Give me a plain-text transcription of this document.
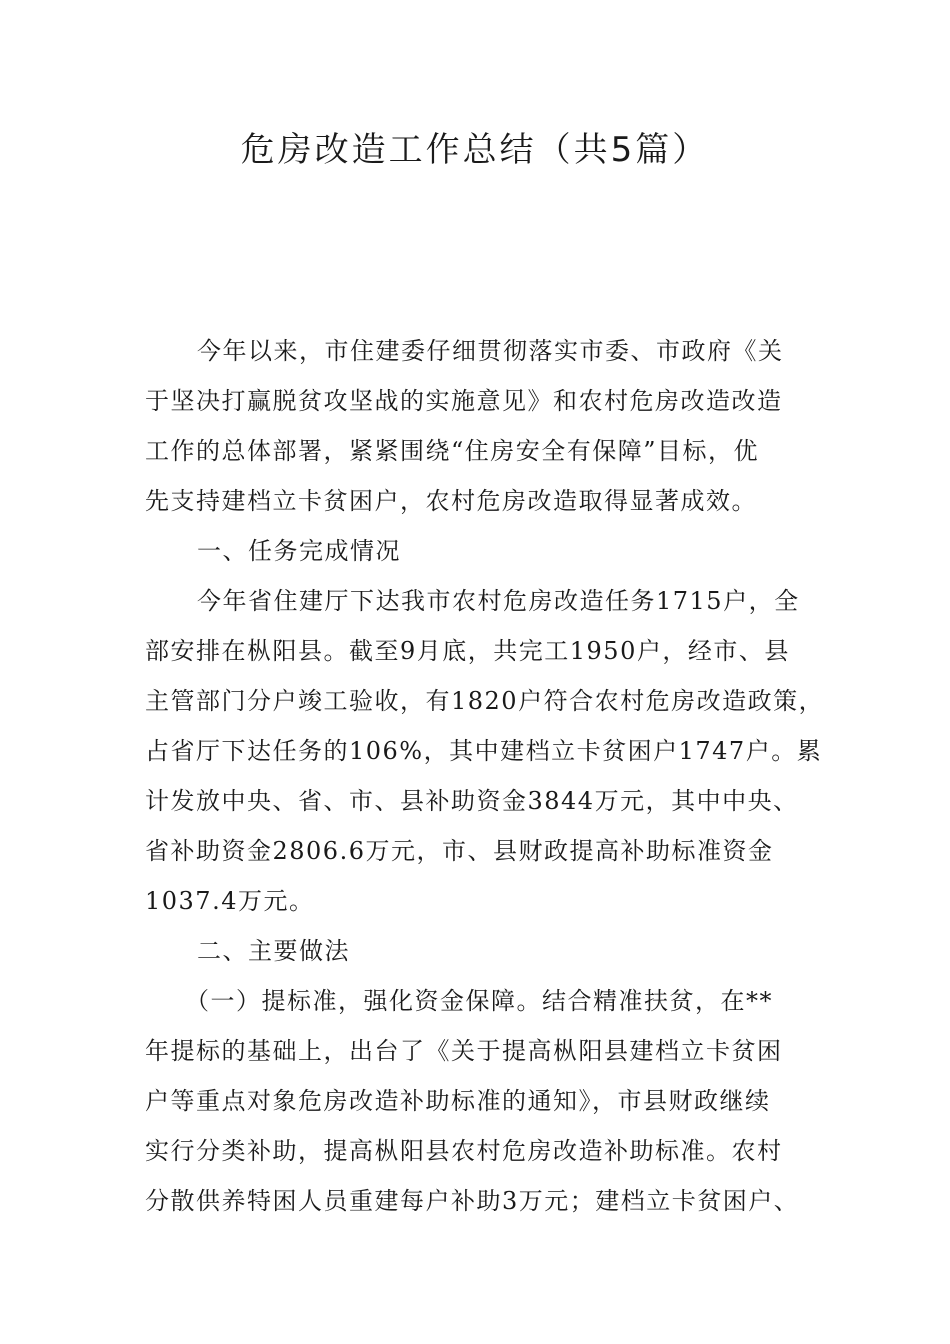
危房改造工作总结（共5篇）

今年以来，市住建委仔细贯彻落实市委、市政府《关
于坚决打赢脱贫攻坚战的实施意见》和农村危房改造改造
工作的总体部署，紧紧围绕“住房安全有保障”目标，优
先支持建档立卡贫困户，农村危房改造取得显著成效。

一、任务完成情况

今年省住建厅下达我市农村危房改造任务1715户，全
部安排在枞阳县。截至9月底，共完工1950户，经市、县
主管部门分户竣工验收，有1820户符合农村危房改造政策，
占省厅下达任务的106%，其中建档立卡贫困户1747户。累
计发放中央、省、市、县补助资金3844万元，其中中央、
省补助资金2806.6万元，市、县财政提高补助标准资金
1037.4万元。

二、主要做法

（一）提标准，强化资金保障。结合精准扶贫，在**
年提标的基础上，出台了《关于提高枞阳县建档立卡贫困
户等重点对象危房改造补助标准的通知》，市县财政继续
实行分类补助，提高枞阳县农村危房改造补助标准。农村
分散供养特困人员重建每户补助3万元；建档立卡贫困户、
